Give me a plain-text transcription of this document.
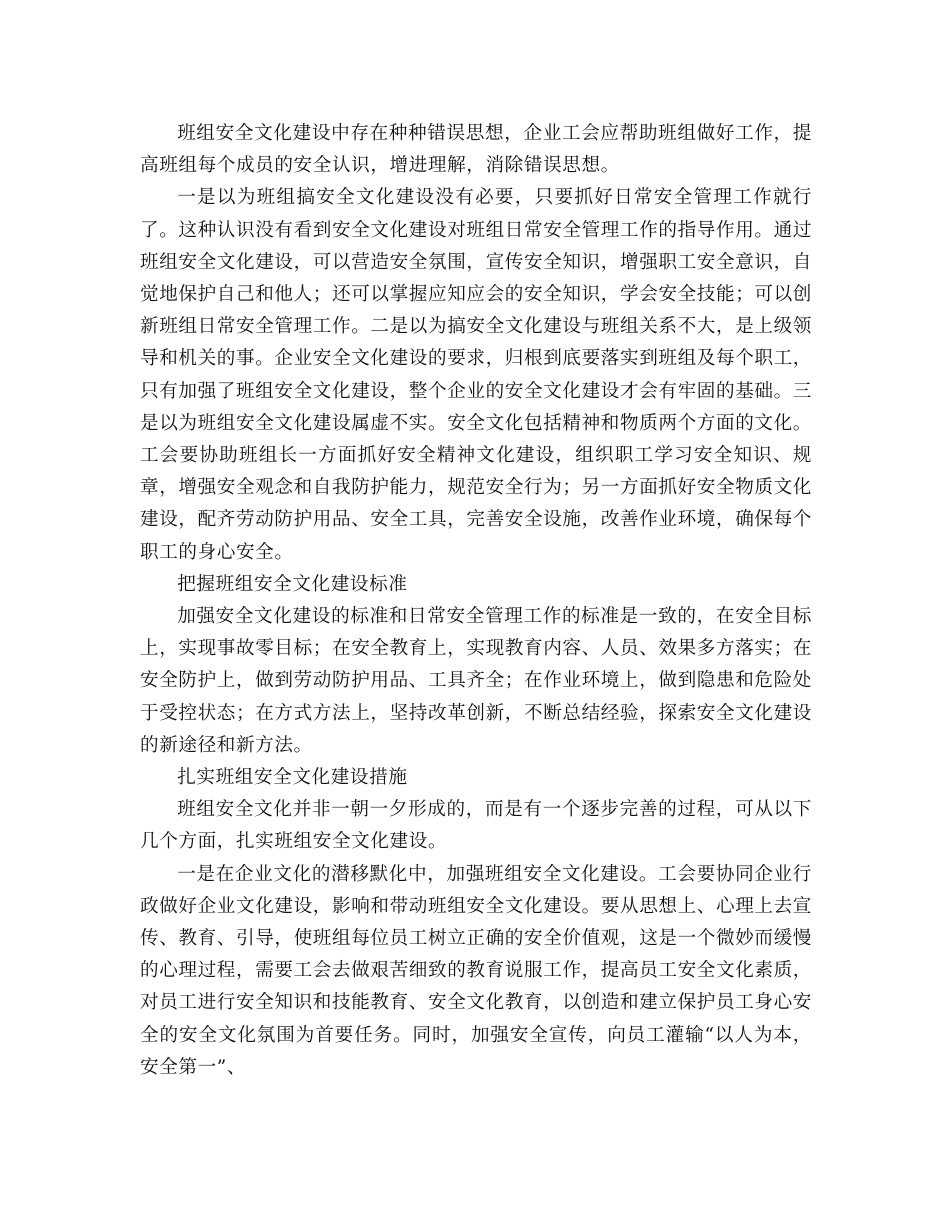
班组安全文化建设中存在种种错误思想，企业工会应帮助班组做好工作，提高班组每个成员的安全认识，增进理解，消除错误思想。

一是以为班组搞安全文化建设没有必要，只要抓好日常安全管理工作就行了。这种认识没有看到安全文化建设对班组日常安全管理工作的指导作用。通过班组安全文化建设，可以营造安全氛围，宣传安全知识，增强职工安全意识，自觉地保护自己和他人；还可以掌握应知应会的安全知识，学会安全技能；可以创新班组日常安全管理工作。二是以为搞安全文化建设与班组关系不大，是上级领导和机关的事。企业安全文化建设的要求，归根到底要落实到班组及每个职工，只有加强了班组安全文化建设，整个企业的安全文化建设才会有牢固的基础。三是以为班组安全文化建设属虚不实。安全文化包括精神和物质两个方面的文化。工会要协助班组长一方面抓好安全精神文化建设，组织职工学习安全知识、规章，增强安全观念和自我防护能力，规范安全行为；另一方面抓好安全物质文化建设，配齐劳动防护用品、安全工具，完善安全设施，改善作业环境，确保每个职工的身心安全。

把握班组安全文化建设标准

加强安全文化建设的标准和日常安全管理工作的标准是一致的，在安全目标上，实现事故零目标；在安全教育上，实现教育内容、人员、效果多方落实；在安全防护上，做到劳动防护用品、工具齐全；在作业环境上，做到隐患和危险处于受控状态；在方式方法上，坚持改革创新，不断总结经验，探索安全文化建设的新途径和新方法。

扎实班组安全文化建设措施

班组安全文化并非一朝一夕形成的，而是有一个逐步完善的过程，可从以下几个方面，扎实班组安全文化建设。

一是在企业文化的潜移默化中，加强班组安全文化建设。工会要协同企业行政做好企业文化建设，影响和带动班组安全文化建设。要从思想上、心理上去宣传、教育、引导，使班组每位员工树立正确的安全价值观，这是一个微妙而缓慢的心理过程，需要工会去做艰苦细致的教育说服工作，提高员工安全文化素质，对员工进行安全知识和技能教育、安全文化教育，以创造和建立保护员工身心安全的安全文化氛围为首要任务。同时，加强安全宣传，向员工灌输“以人为本，安全第一”、
